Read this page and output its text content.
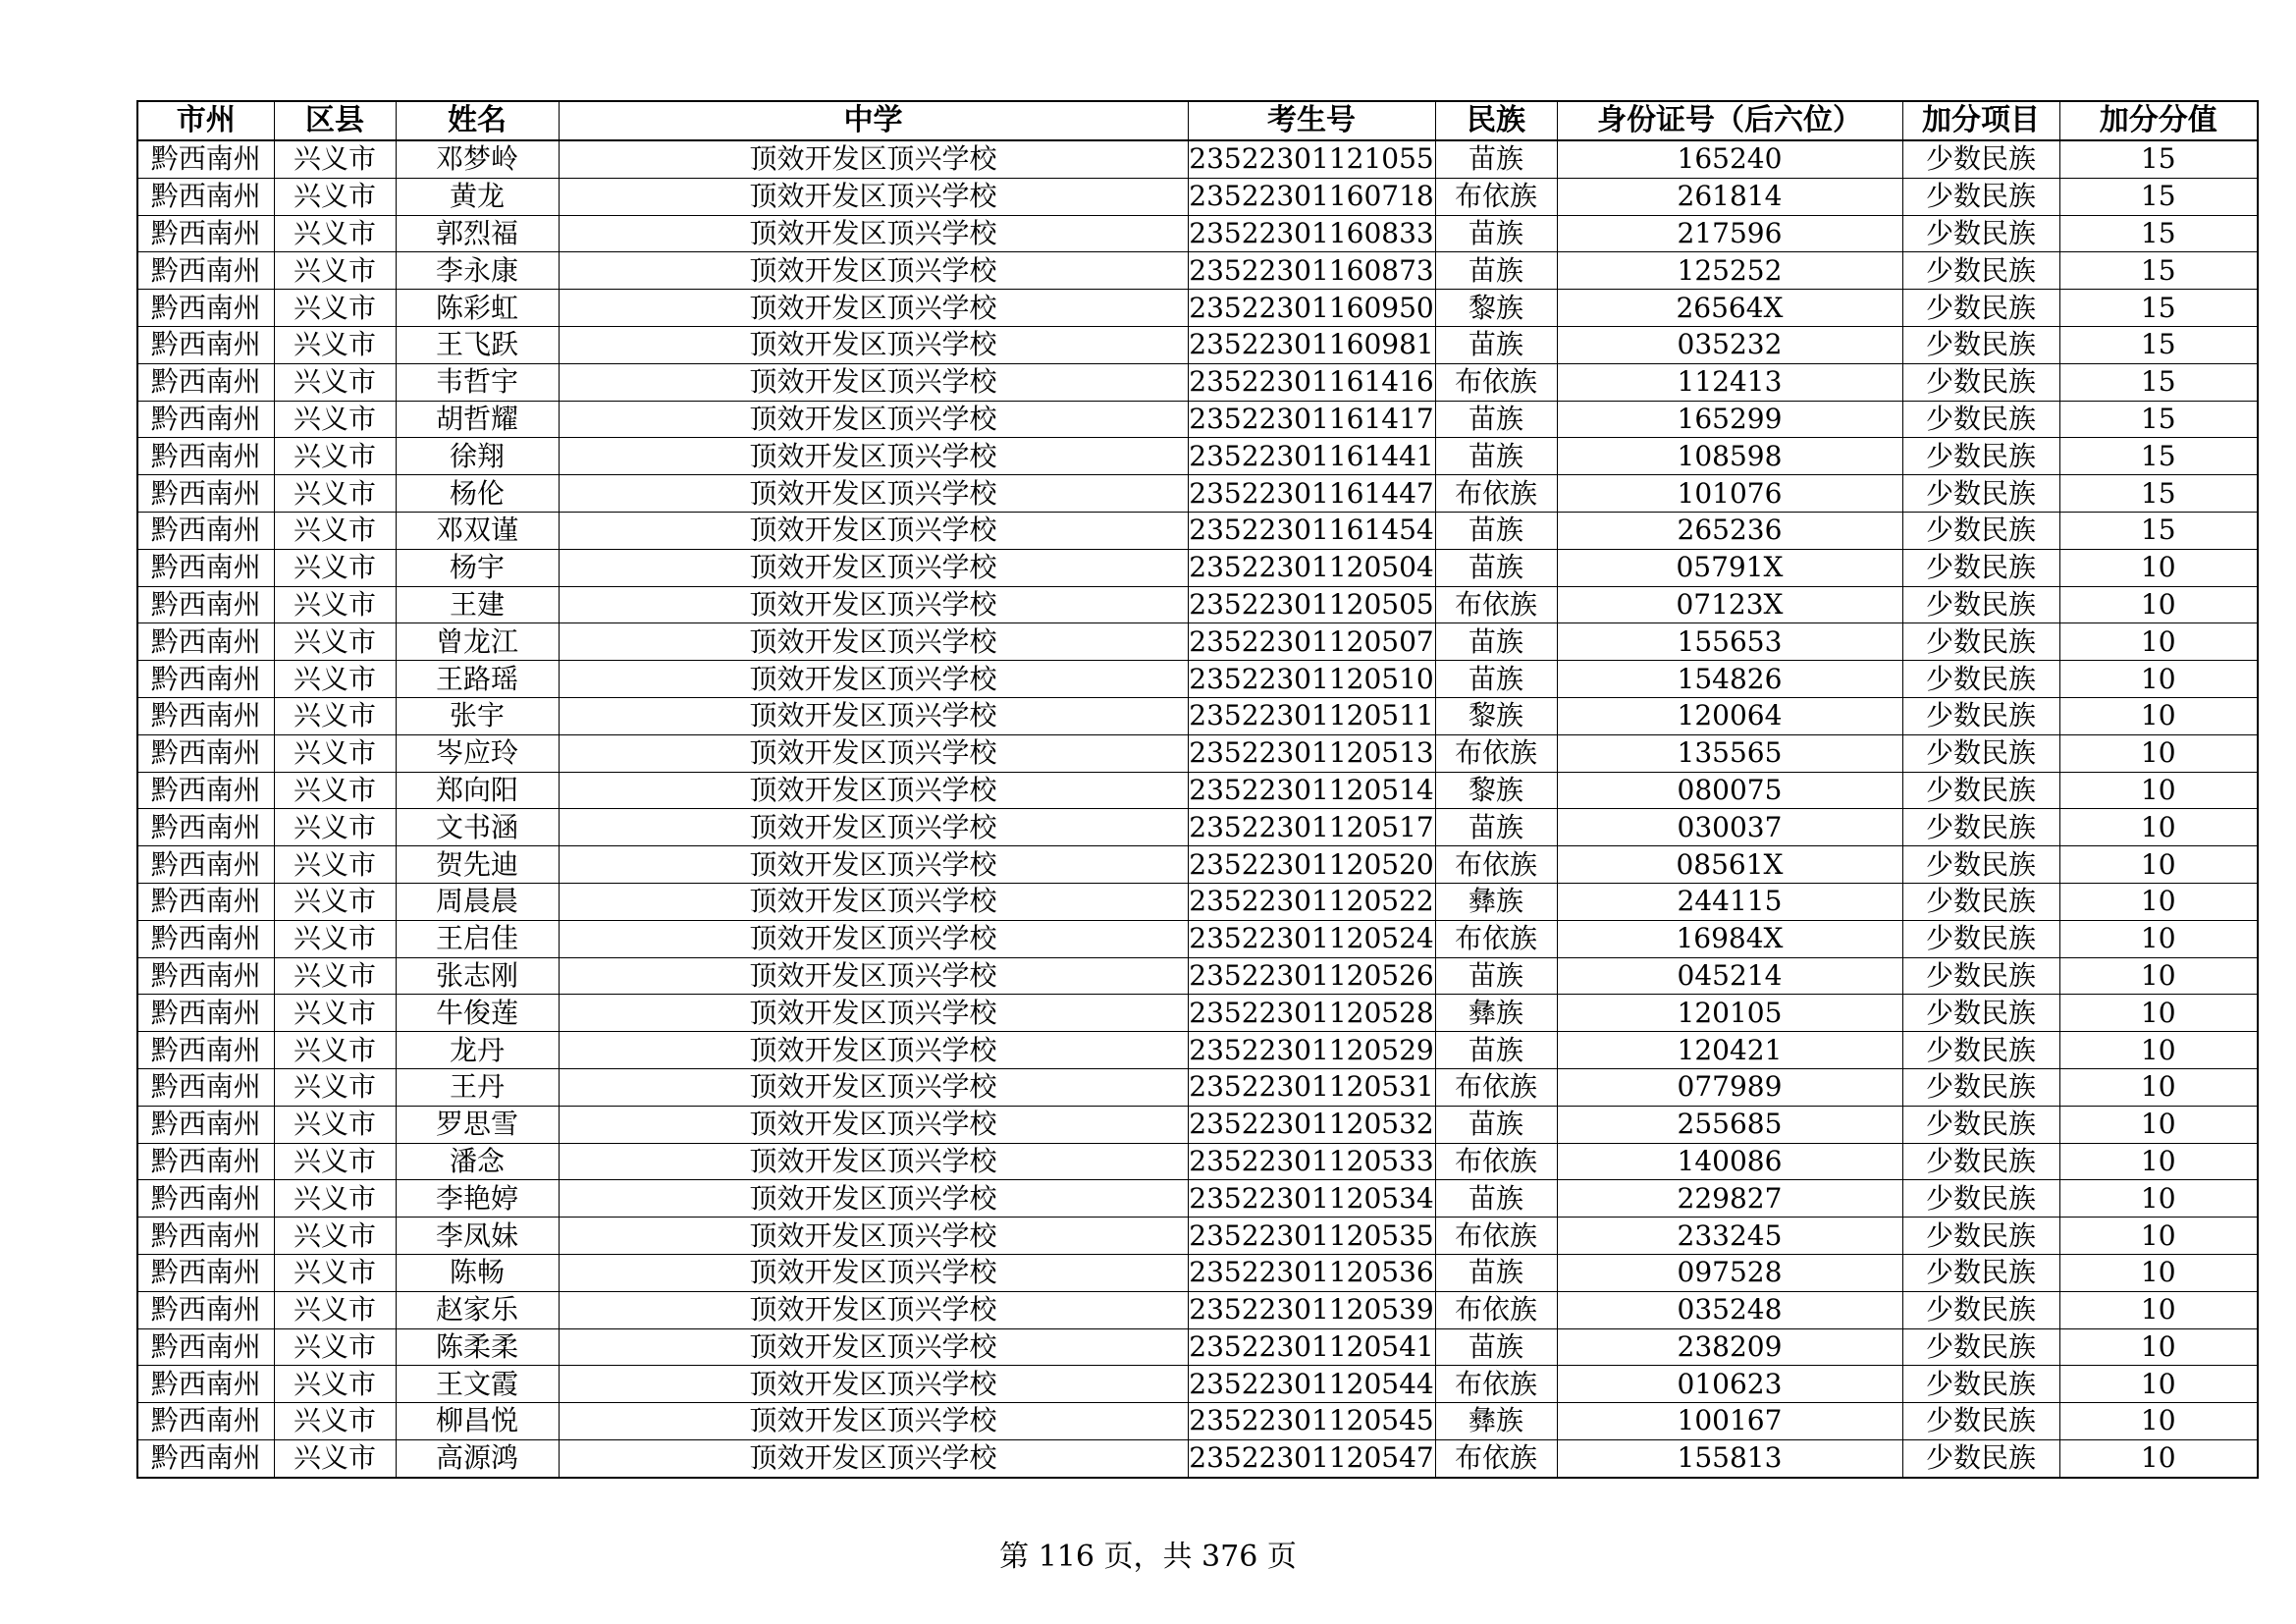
市州	区县	姓名	中学	考生号	民族	身份证号（后六位）	加分项目	加分分值
黔西南州	兴义市	邓梦岭	顶效开发区顶兴学校	23522301121055	苗族	165240	少数民族	15
黔西南州	兴义市	黄龙	顶效开发区顶兴学校	23522301160718	布依族	261814	少数民族	15
黔西南州	兴义市	郭烈福	顶效开发区顶兴学校	23522301160833	苗族	217596	少数民族	15
黔西南州	兴义市	李永康	顶效开发区顶兴学校	23522301160873	苗族	125252	少数民族	15
黔西南州	兴义市	陈彩虹	顶效开发区顶兴学校	23522301160950	黎族	26564X	少数民族	15
黔西南州	兴义市	王飞跃	顶效开发区顶兴学校	23522301160981	苗族	035232	少数民族	15
黔西南州	兴义市	韦哲宇	顶效开发区顶兴学校	23522301161416	布依族	112413	少数民族	15
黔西南州	兴义市	胡哲耀	顶效开发区顶兴学校	23522301161417	苗族	165299	少数民族	15
黔西南州	兴义市	徐翔	顶效开发区顶兴学校	23522301161441	苗族	108598	少数民族	15
黔西南州	兴义市	杨伦	顶效开发区顶兴学校	23522301161447	布依族	101076	少数民族	15
黔西南州	兴义市	邓双谨	顶效开发区顶兴学校	23522301161454	苗族	265236	少数民族	15
黔西南州	兴义市	杨宇	顶效开发区顶兴学校	23522301120504	苗族	05791X	少数民族	10
黔西南州	兴义市	王建	顶效开发区顶兴学校	23522301120505	布依族	07123X	少数民族	10
黔西南州	兴义市	曾龙江	顶效开发区顶兴学校	23522301120507	苗族	155653	少数民族	10
黔西南州	兴义市	王路瑶	顶效开发区顶兴学校	23522301120510	苗族	154826	少数民族	10
黔西南州	兴义市	张宇	顶效开发区顶兴学校	23522301120511	黎族	120064	少数民族	10
黔西南州	兴义市	岑应玲	顶效开发区顶兴学校	23522301120513	布依族	135565	少数民族	10
黔西南州	兴义市	郑向阳	顶效开发区顶兴学校	23522301120514	黎族	080075	少数民族	10
黔西南州	兴义市	文书涵	顶效开发区顶兴学校	23522301120517	苗族	030037	少数民族	10
黔西南州	兴义市	贺先迪	顶效开发区顶兴学校	23522301120520	布依族	08561X	少数民族	10
黔西南州	兴义市	周晨晨	顶效开发区顶兴学校	23522301120522	彝族	244115	少数民族	10
黔西南州	兴义市	王启佳	顶效开发区顶兴学校	23522301120524	布依族	16984X	少数民族	10
黔西南州	兴义市	张志刚	顶效开发区顶兴学校	23522301120526	苗族	045214	少数民族	10
黔西南州	兴义市	牛俊莲	顶效开发区顶兴学校	23522301120528	彝族	120105	少数民族	10
黔西南州	兴义市	龙丹	顶效开发区顶兴学校	23522301120529	苗族	120421	少数民族	10
黔西南州	兴义市	王丹	顶效开发区顶兴学校	23522301120531	布依族	077989	少数民族	10
黔西南州	兴义市	罗思雪	顶效开发区顶兴学校	23522301120532	苗族	255685	少数民族	10
黔西南州	兴义市	潘念	顶效开发区顶兴学校	23522301120533	布依族	140086	少数民族	10
黔西南州	兴义市	李艳婷	顶效开发区顶兴学校	23522301120534	苗族	229827	少数民族	10
黔西南州	兴义市	李凤妹	顶效开发区顶兴学校	23522301120535	布依族	233245	少数民族	10
黔西南州	兴义市	陈畅	顶效开发区顶兴学校	23522301120536	苗族	097528	少数民族	10
黔西南州	兴义市	赵家乐	顶效开发区顶兴学校	23522301120539	布依族	035248	少数民族	10
黔西南州	兴义市	陈柔柔	顶效开发区顶兴学校	23522301120541	苗族	238209	少数民族	10
黔西南州	兴义市	王文霞	顶效开发区顶兴学校	23522301120544	布依族	010623	少数民族	10
黔西南州	兴义市	柳昌悦	顶效开发区顶兴学校	23522301120545	彝族	100167	少数民族	10
黔西南州	兴义市	高源鸿	顶效开发区顶兴学校	23522301120547	布依族	155813	少数民族	10
第 116 页，共 376 页
